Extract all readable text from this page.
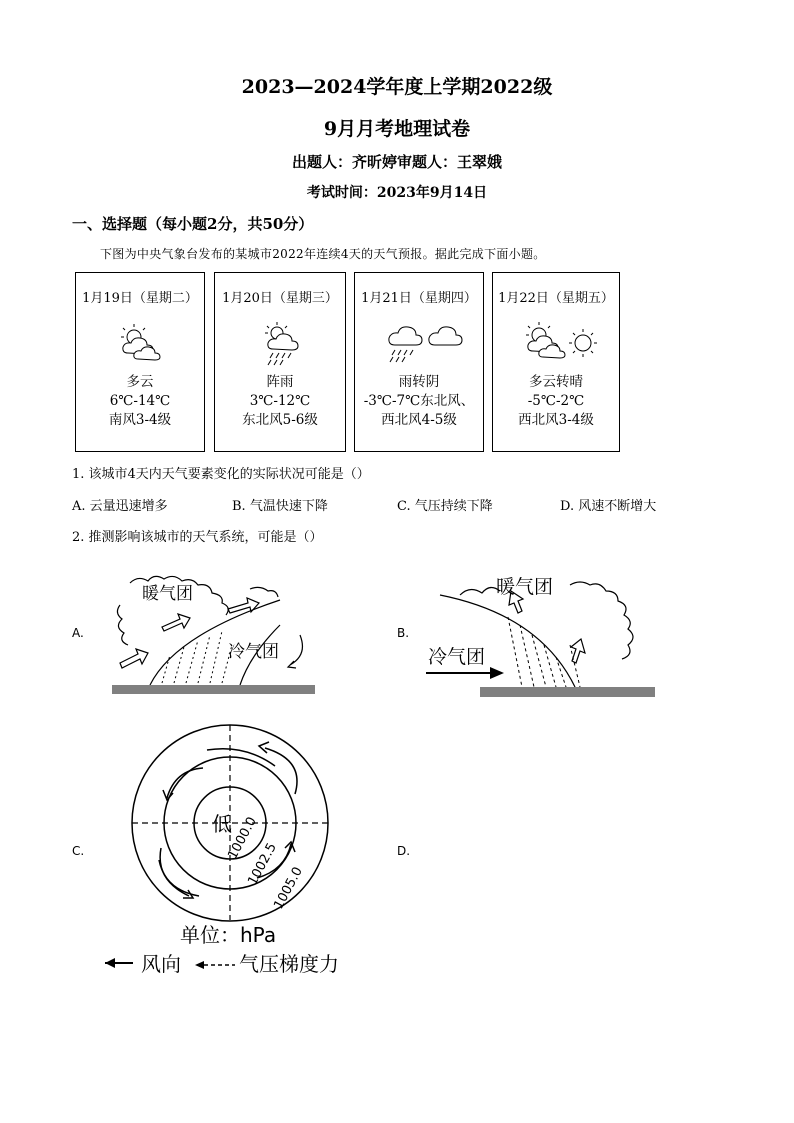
2023—2024学年度上学期2022级
9月月考地理试卷
出题人：齐昕婷审题人：王翠娥
考试时间：2023年9月14日
一、选择题（每小题2分，共50分）
下图为中央气象台发布的某城市2022年连续4天的天气预报。据此完成下面小题。
1月19日（星期二）
多云
6℃-14℃
南风3-4级
1月20日（星期三）
阵雨
3℃-12℃
东北风5-6级
1月21日（星期四）
雨转阴
-3℃-7℃东北风、
西北风4-5级
1月22日（星期五）
多云转晴
-5℃-2℃
西北风3-4级
1. 该城市4天内天气要素变化的实际状况可能是（）
A. 云量迅速增多	B. 气温快速下降	C. 气压持续下降	D. 风速不断增大
2. 推测影响该城市的天气系统，可能是（）
A.	B.
C.	D.
暖气团
冷气团
暖气团
冷气团
低
1000.0
1002.5
1005.0
单位：hPa
风向	气压梯度力
